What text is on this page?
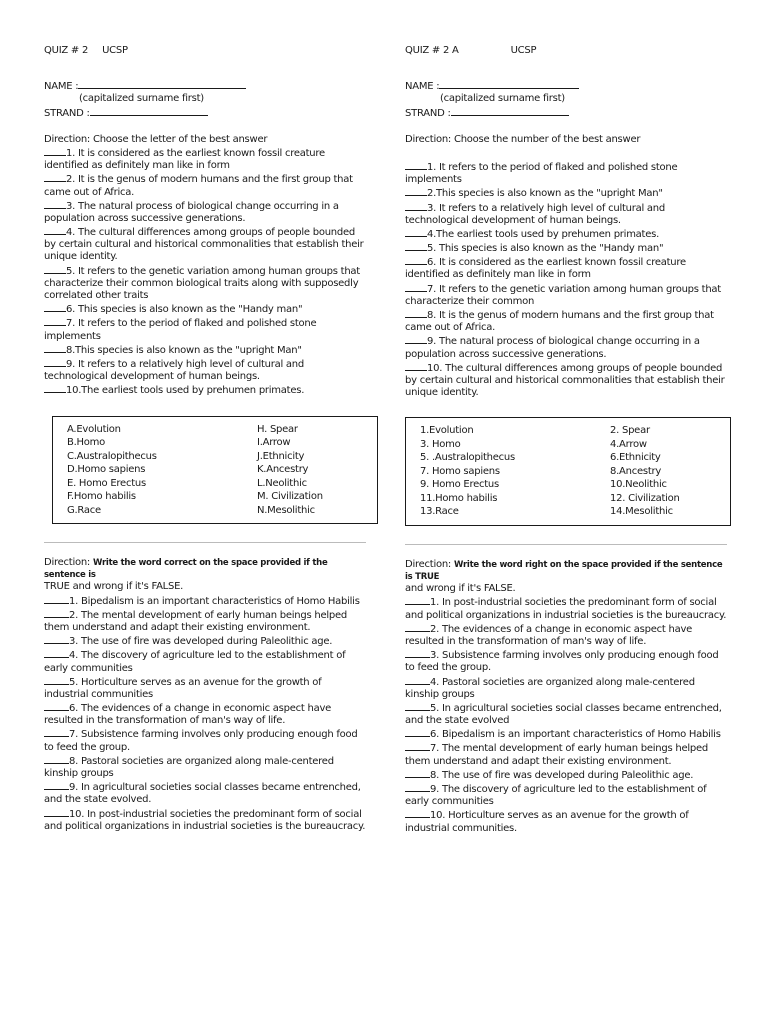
QUIZ # 2 UCSP
NAME :
(capitalized surname first)
STRAND :
Direction: Choose the letter of the best answer
1. It is considered as the earliest known fossil creature identified as definitely man like in form
2. It is the genus of modern humans and the first group that came out of Africa.
3. The natural process of biological change occurring in a population across successive generations.
4. The cultural differences among groups of people bounded by certain cultural and historical commonalities that establish their unique identity.
5. It refers to the genetic variation among human groups that characterize their common biological traits along with supposedly correlated other traits
6. This species is also known as the "Handy man"
7. It refers to the period of flaked and polished stone implements
8.This species is also known as the "upright Man"
9. It refers to a relatively high level of cultural and technological development of human beings.
10.The earliest tools used by prehumen primates.
A.Evolution
B.Homo
C.Australopithecus
D.Homo sapiens
E. Homo Erectus
F.Homo habilis
G.Race
H. Spear
I.Arrow
J.Ethnicity
K.Ancestry
L.Neolithic
M. Civilization
N.Mesolithic
Direction: Write the word correct on the space provided if the sentence is
TRUE and wrong if it's FALSE.
1. Bipedalism is an important characteristics of Homo Habilis
2. The mental development of early human beings helped them understand and adapt their existing environment.
3. The use of fire was developed during Paleolithic age.
4. The discovery of agriculture led to the establishment of early communities
5. Horticulture serves as an avenue for the growth of industrial communities
6. The evidences of a change in economic aspect have resulted in the transformation of man's way of life.
7. Subsistence farming involves only producing enough food to feed the group.
8. Pastoral societies are organized along male-centered kinship groups
9. In agricultural societies social classes became entrenched, and the state evolved.
10. In post-industrial societies the predominant form of social and political organizations in industrial societies is the bureaucracy.
QUIZ # 2 A	UCSP
NAME :
(capitalized surname first)
STRAND :
Direction: Choose the number of the best answer
1. It refers to the period of flaked and polished stone implements
2.This species is also known as the "upright Man"
3. It refers to a relatively high level of cultural and technological development of human beings.
4.The earliest tools used by prehumen primates.
5. This species is also known as the "Handy man"
6. It is considered as the earliest known fossil creature identified as definitely man like in form
7. It refers to the genetic variation among human groups that characterize their common
8. It is the genus of modern humans and the first group that came out of Africa.
9. The natural process of biological change occurring in a population across successive generations.
10. The cultural differences among groups of people bounded by certain cultural and historical commonalities that establish their unique identity.
1.Evolution
3. Homo
5. .Australopithecus
7. Homo sapiens
9. Homo Erectus
11.Homo habilis
13.Race
2. Spear
4.Arrow
6.Ethnicity
8.Ancestry
10.Neolithic
12. Civilization
14.Mesolithic
Direction: Write the word right on the space provided if the sentence is TRUE
and wrong if it's FALSE.
1. In post-industrial societies the predominant form of social and political organizations in industrial societies is the bureaucracy.
2. The evidences of a change in economic aspect have resulted in the transformation of man's way of life.
3. Subsistence farming involves only producing enough food to feed the group.
4. Pastoral societies are organized along male-centered kinship groups
5. In agricultural societies social classes became entrenched, and the state evolved
6. Bipedalism is an important characteristics of Homo Habilis
7. The mental development of early human beings helped them understand and adapt their existing environment.
8. The use of fire was developed during Paleolithic age.
9. The discovery of agriculture led to the establishment of early communities
10. Horticulture serves as an avenue for the growth of industrial communities.
